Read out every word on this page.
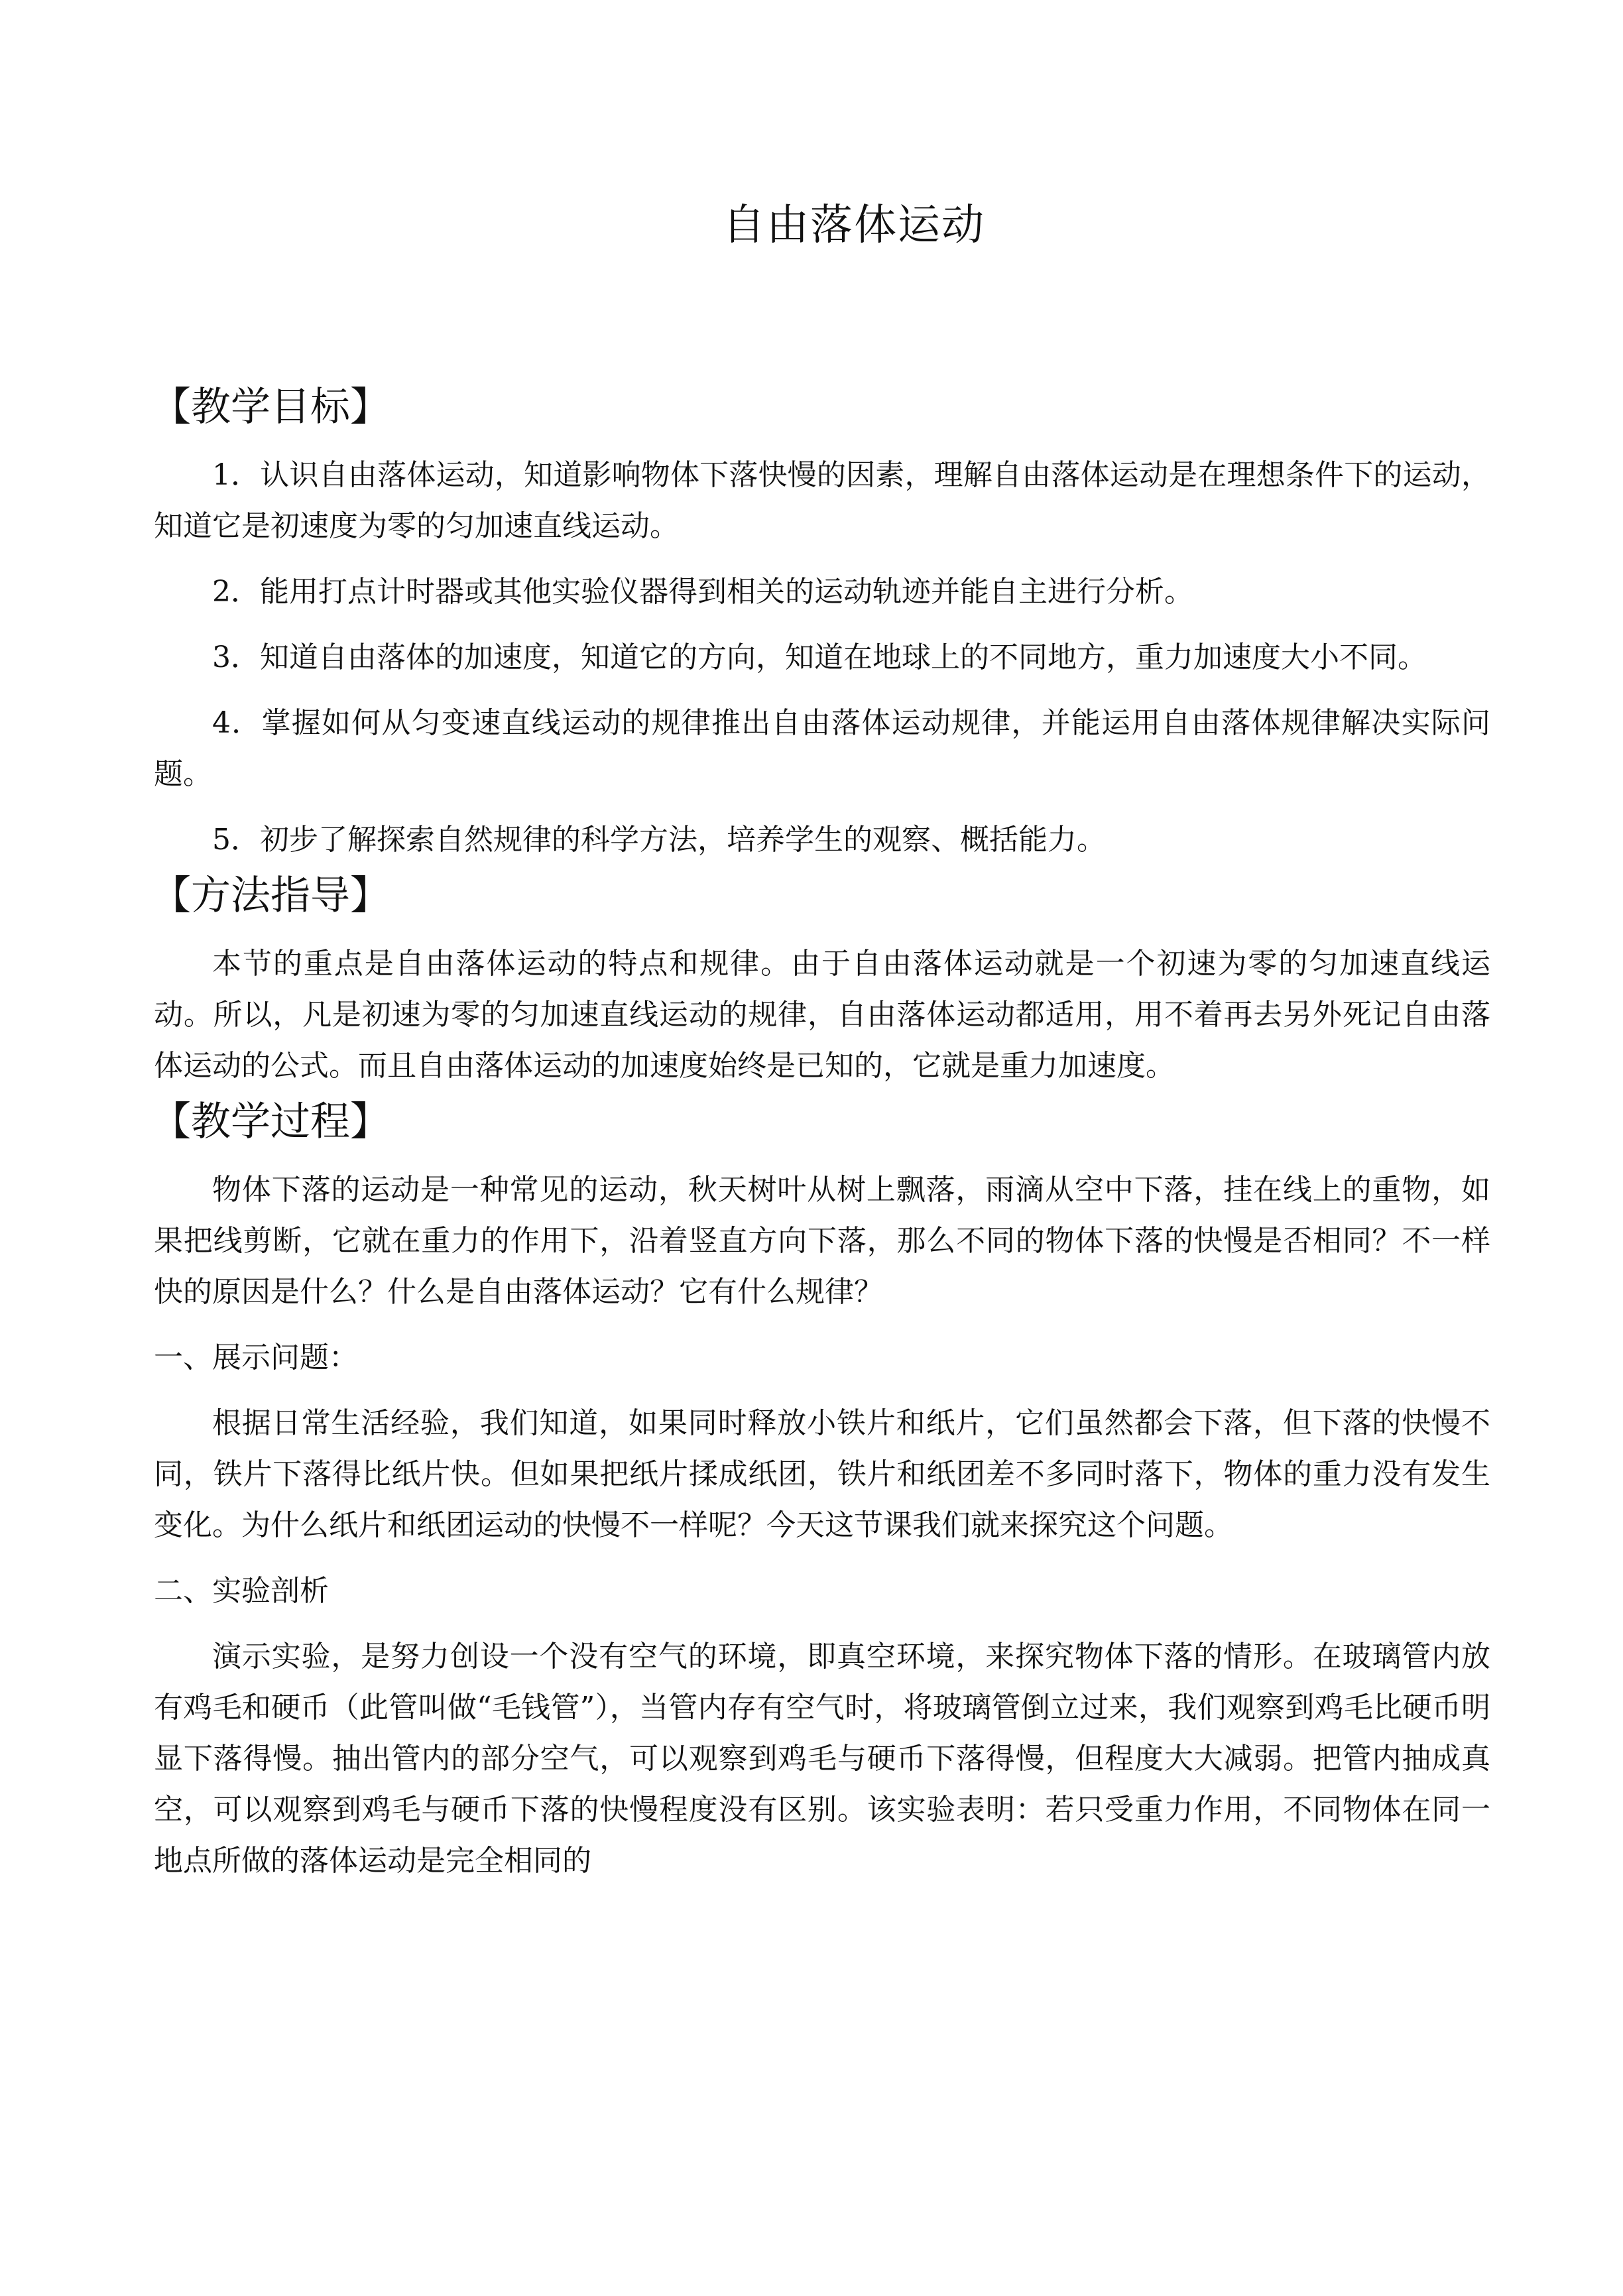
自由落体运动
【教学目标】

1．认识自由落体运动，知道影响物体下落快慢的因素，理解自由落体运动是在理想条件下的运动，知道它是初速度为零的匀加速直线运动。

2．能用打点计时器或其他实验仪器得到相关的运动轨迹并能自主进行分析。

3．知道自由落体的加速度，知道它的方向，知道在地球上的不同地方，重力加速度大小不同。

4．掌握如何从匀变速直线运动的规律推出自由落体运动规律，并能运用自由落体规律解决实际问题。

5．初步了解探索自然规律的科学方法，培养学生的观察、概括能力。

【方法指导】

本节的重点是自由落体运动的特点和规律。由于自由落体运动就是一个初速为零的匀加速直线运动。所以，凡是初速为零的匀加速直线运动的规律，自由落体运动都适用，用不着再去另外死记自由落体运动的公式。而且自由落体运动的加速度始终是已知的，它就是重力加速度。

【教学过程】

物体下落的运动是一种常见的运动，秋天树叶从树上飘落，雨滴从空中下落，挂在线上的重物，如果把线剪断，它就在重力的作用下，沿着竖直方向下落，那么不同的物体下落的快慢是否相同？不一样快的原因是什么？什么是自由落体运动？它有什么规律？

一、展示问题：

根据日常生活经验，我们知道，如果同时释放小铁片和纸片，它们虽然都会下落，但下落的快慢不同，铁片下落得比纸片快。但如果把纸片揉成纸团，铁片和纸团差不多同时落下，物体的重力没有发生变化。为什么纸片和纸团运动的快慢不一样呢？今天这节课我们就来探究这个问题。

二、实验剖析

演示实验，是努力创设一个没有空气的环境，即真空环境，来探究物体下落的情形。在玻璃管内放有鸡毛和硬币（此管叫做“毛钱管”），当管内存有空气时，将玻璃管倒立过来，我们观察到鸡毛比硬币明显下落得慢。抽出管内的部分空气，可以观察到鸡毛与硬币下落得慢，但程度大大减弱。把管内抽成真空，可以观察到鸡毛与硬币下落的快慢程度没有区别。该实验表明：若只受重力作用，不同物体在同一地点所做的落体运动是完全相同的
